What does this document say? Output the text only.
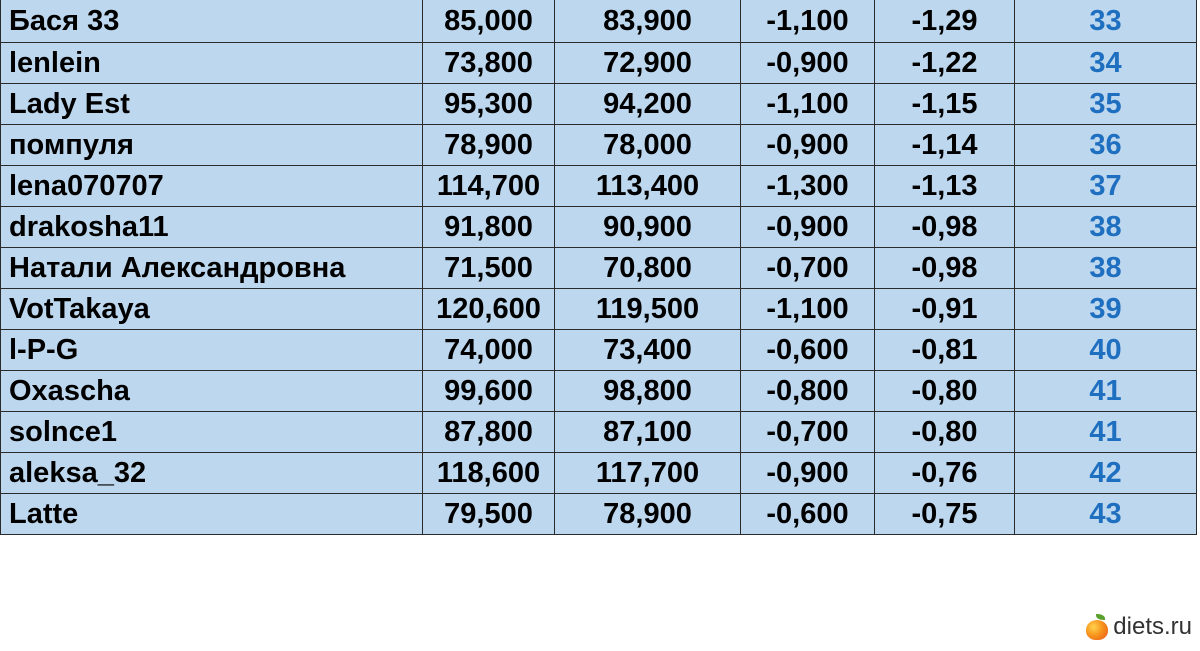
Бася 33	85,000	83,900	-1,100	-1,29	33
lenlein	73,800	72,900	-0,900	-1,22	34
Lady Est	95,300	94,200	-1,100	-1,15	35
помпуля	78,900	78,000	-0,900	-1,14	36
lena070707	114,700	113,400	-1,300	-1,13	37
drakosha11	91,800	90,900	-0,900	-0,98	38
Натали Александровна	71,500	70,800	-0,700	-0,98	38
VotTakaya	120,600	119,500	-1,100	-0,91	39
l-P-G	74,000	73,400	-0,600	-0,81	40
Oxascha	99,600	98,800	-0,800	-0,80	41
solnce1	87,800	87,100	-0,700	-0,80	41
aleksa_32	118,600	117,700	-0,900	-0,76	42
Latte	79,500	78,900	-0,600	-0,75	43
diets.ru
